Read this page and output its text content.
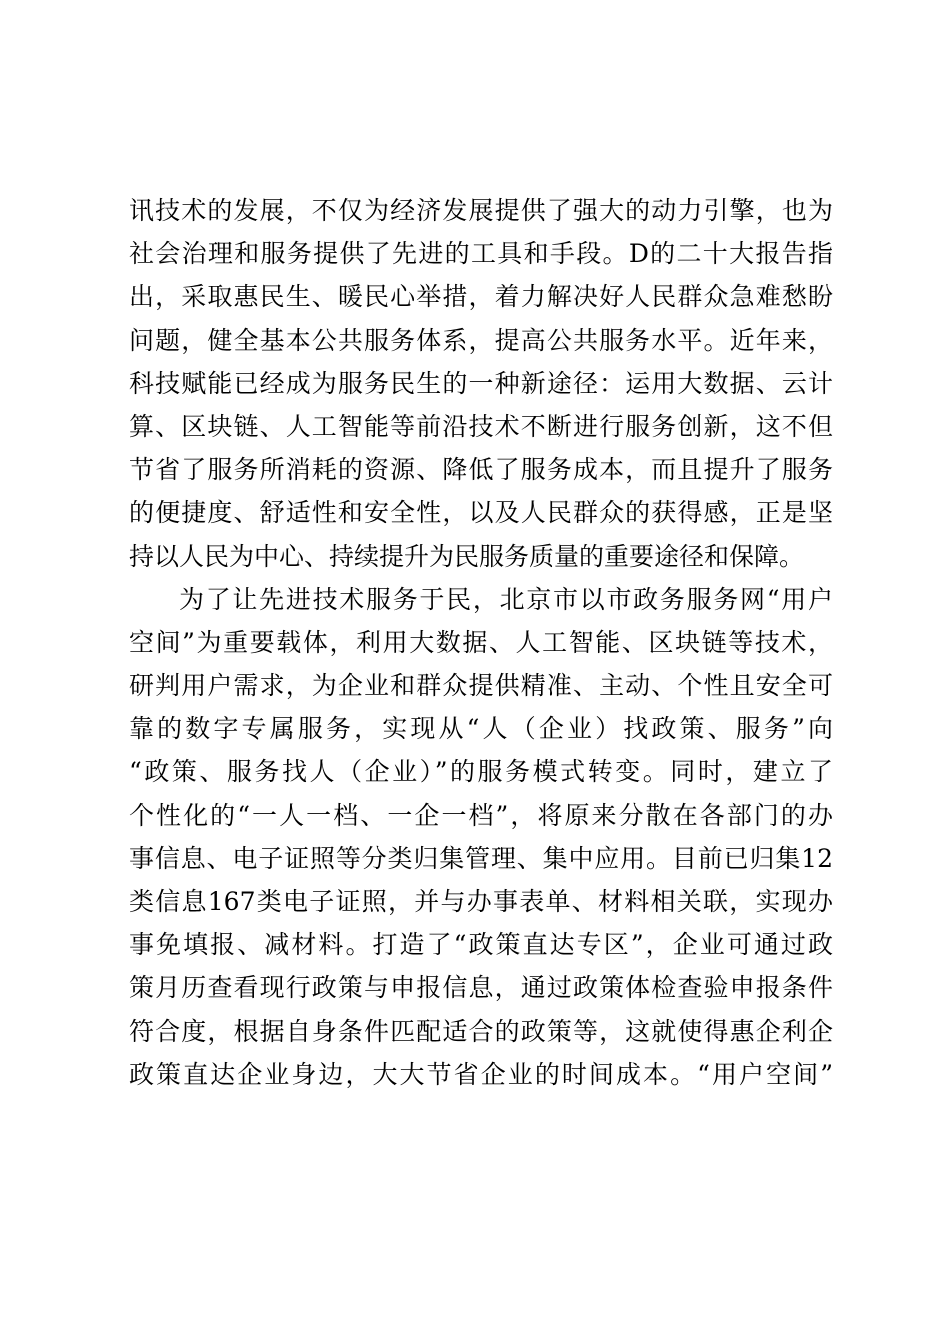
讯技术的发展，不仅为经济发展提供了强大的动力引擎，也为
社会治理和服务提供了先进的工具和手段。D的二十大报告指
出，采取惠民生、暖民心举措，着力解决好人民群众急难愁盼
问题，健全基本公共服务体系，提高公共服务水平。近年来，
科技赋能已经成为服务民生的一种新途径：运用大数据、云计
算、区块链、人工智能等前沿技术不断进行服务创新，这不但
节省了服务所消耗的资源、降低了服务成本，而且提升了服务
的便捷度、舒适性和安全性，以及人民群众的获得感，正是坚
持以人民为中心、持续提升为民服务质量的重要途径和保障。
为了让先进技术服务于民，北京市以市政务服务网“用户
空间”为重要载体，利用大数据、人工智能、区块链等技术，
研判用户需求，为企业和群众提供精准、主动、个性且安全可
靠的数字专属服务，实现从“人（企业）找政策、服务”向
“政策、服务找人（企业）”的服务模式转变。同时，建立了
个性化的“一人一档、一企一档”，将原来分散在各部门的办
事信息、电子证照等分类归集管理、集中应用。目前已归集12
类信息167类电子证照，并与办事表单、材料相关联，实现办
事免填报、减材料。打造了“政策直达专区”，企业可通过政
策月历查看现行政策与申报信息，通过政策体检查验申报条件
符合度，根据自身条件匹配适合的政策等，这就使得惠企利企
政策直达企业身边，大大节省企业的时间成本。“用户空间”
